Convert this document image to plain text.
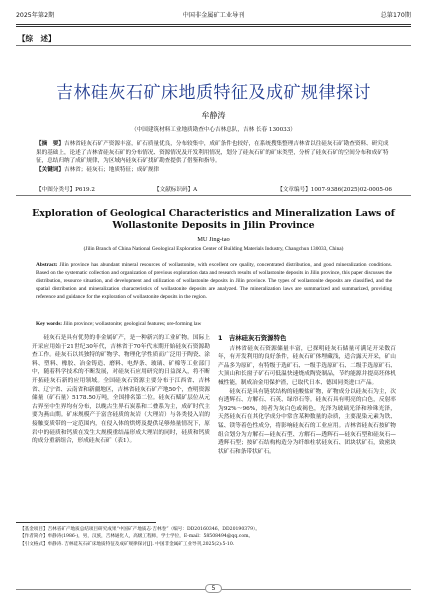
2025年第2期	中国非金属矿工业导刊	总第170期
【综　述】
吉林硅灰石矿床地质特征及成矿规律探讨
牟静涛
（中国建筑材料工业地质勘查中心吉林总队，吉林 长春 130033）

【摘　要】吉林省硅灰石矿产资源丰富，矿石质量优良，分布较集中，成矿条件也较好，在系统搜集整理吉林省以往硅灰石矿勘查资料、研究成果的基础上，论述了吉林省硅灰石矿的分布情况、资源情况及开发利用情况，划分了硅灰石矿的矿床类型，分析了硅灰石矿的空间分布和成矿特征，总结归纳了成矿规律，为区域内硅灰石矿找矿勘查提供了借鉴和指导。

【关键词】吉林省；硅灰石；地质特征；成矿规律

【中图分类号】P619.2	【文献标识码】A	【文章编号】1007-9386(2025)02-0005-06
Exploration of Geological Characteristics and Mineralization Laws of Wollastonite Deposits in Jilin Province
MU Jing-tao
(Jilin Branch of China National Geological Exploration Center of Building Materials Industry, Changchun 130033, China)
Abstract: Jilin province has abundant mineral resources of wollastonite, with excellent ore quality, concentrated distribution, and good mineralization conditions. Based on the systematic collection and organization of previous exploration data and research results of wollastonite deposits in Jilin province, this paper discusses the distribution, resource situation, and development and utilization of wollastonite deposits in Jilin province. The types of wollastonite deposits are classified, and the spatial distribution and mineralization characteristics of wollastonite deposits are analyzed. The mineralization laws are summarized and summarized, providing reference and guidance for the exploration of wollastonite deposits in the region.
Key words: Jilin province; wollastonite; geological features; ore-forming law

硅灰石是具有优势的非金属矿产，是一种新兴的工业矿物。国际上开采应用始于21世纪30年代，吉林省于70年代末期开始硅灰石资源勘查工作。硅灰石以其独特的矿物学、物理化学性质而广泛用于陶瓷、涂料、塑料、橡胶、冶金铸造、磨料、电焊条、玻璃、矿棉等工业部门中，随着科学技术的不断发展，对硅灰石应用研究的日益深入，将不断开拓硅灰石新的应用领域。全国硅灰石资源主要分布于江西省、吉林省、辽宁省、云南省和新疆地区，吉林省硅灰石矿产地50个，查明资源储量（矿石量）5178.50万吨，全国排名第二位。硅灰石赋矿层位从元古界至中生界均有分布，以晚古生界石炭系和二叠系为主，成矿时代主要为燕山期。矿床规模产于富含硅质的灰岩（大理岩）与各类侵入岩的接触变质带的一定范围内，在侵入体的烘烤及提供足够热量情况下，原岩中的硅质和钙质在发生大规模重结晶形成大理岩的同时，硅质和钙质的成分重新组合，形成硅灰石矿（表1）。

1　吉林硅灰石资源特色

吉林省硅灰石资源储量丰富，已探明硅灰石储量可满足开采数百年，有开发利用的良好条件，硅灰石矿体埋藏浅，适合露天开采，矿山产品多为原矿，有特级于选矿石、一级手选原矿石、二级手选原矿石、大顶山和长窗子矿石可低温快速烧成陶瓷制品，节约能源并提高坯体机械性能，制成冶金用保护渣，已取代日本、德国同类进口产品。

硅灰石是具有链状结构的硅酸盐矿物，矿物成分以硅灰石为主，次有透辉石、方解石、石英、绿帘石等。硅灰石具有明亮的白色，反射率为92%～96%，纯者为灰白色或褐色，光泽为玻璃光泽和珍珠光泽，天然硅灰石在其化学成分中常含某种数量的杂质，主要混染元素为铁、锰、镁等着色性成分，将影响硅灰石的工业应用。吉林省硅灰石按矿物组合划分为方解石—硅灰石型、方解石—透辉石—硅灰石型和硅灰石—透辉石型；按矿石结构构造分为纤维柱状硅灰石、团块状矿石，致密块状矿石和条带状矿石。

【基金项目】吉林省矿产地质总结项目研究成果“中国矿产地质志·吉林卷”（编号：DD20160346、DD20190379）。
【作者简介】牟静涛(1986-)，男，汉族，吉林通化人，高级工程师，学士学位，E-mail：58508494@qq.com。
【引文格式】牟静涛. 吉林硅灰石矿床地质特征及成矿规律探讨[J]. 中国非金属矿工业导刊,2025(2):5-10.
5
